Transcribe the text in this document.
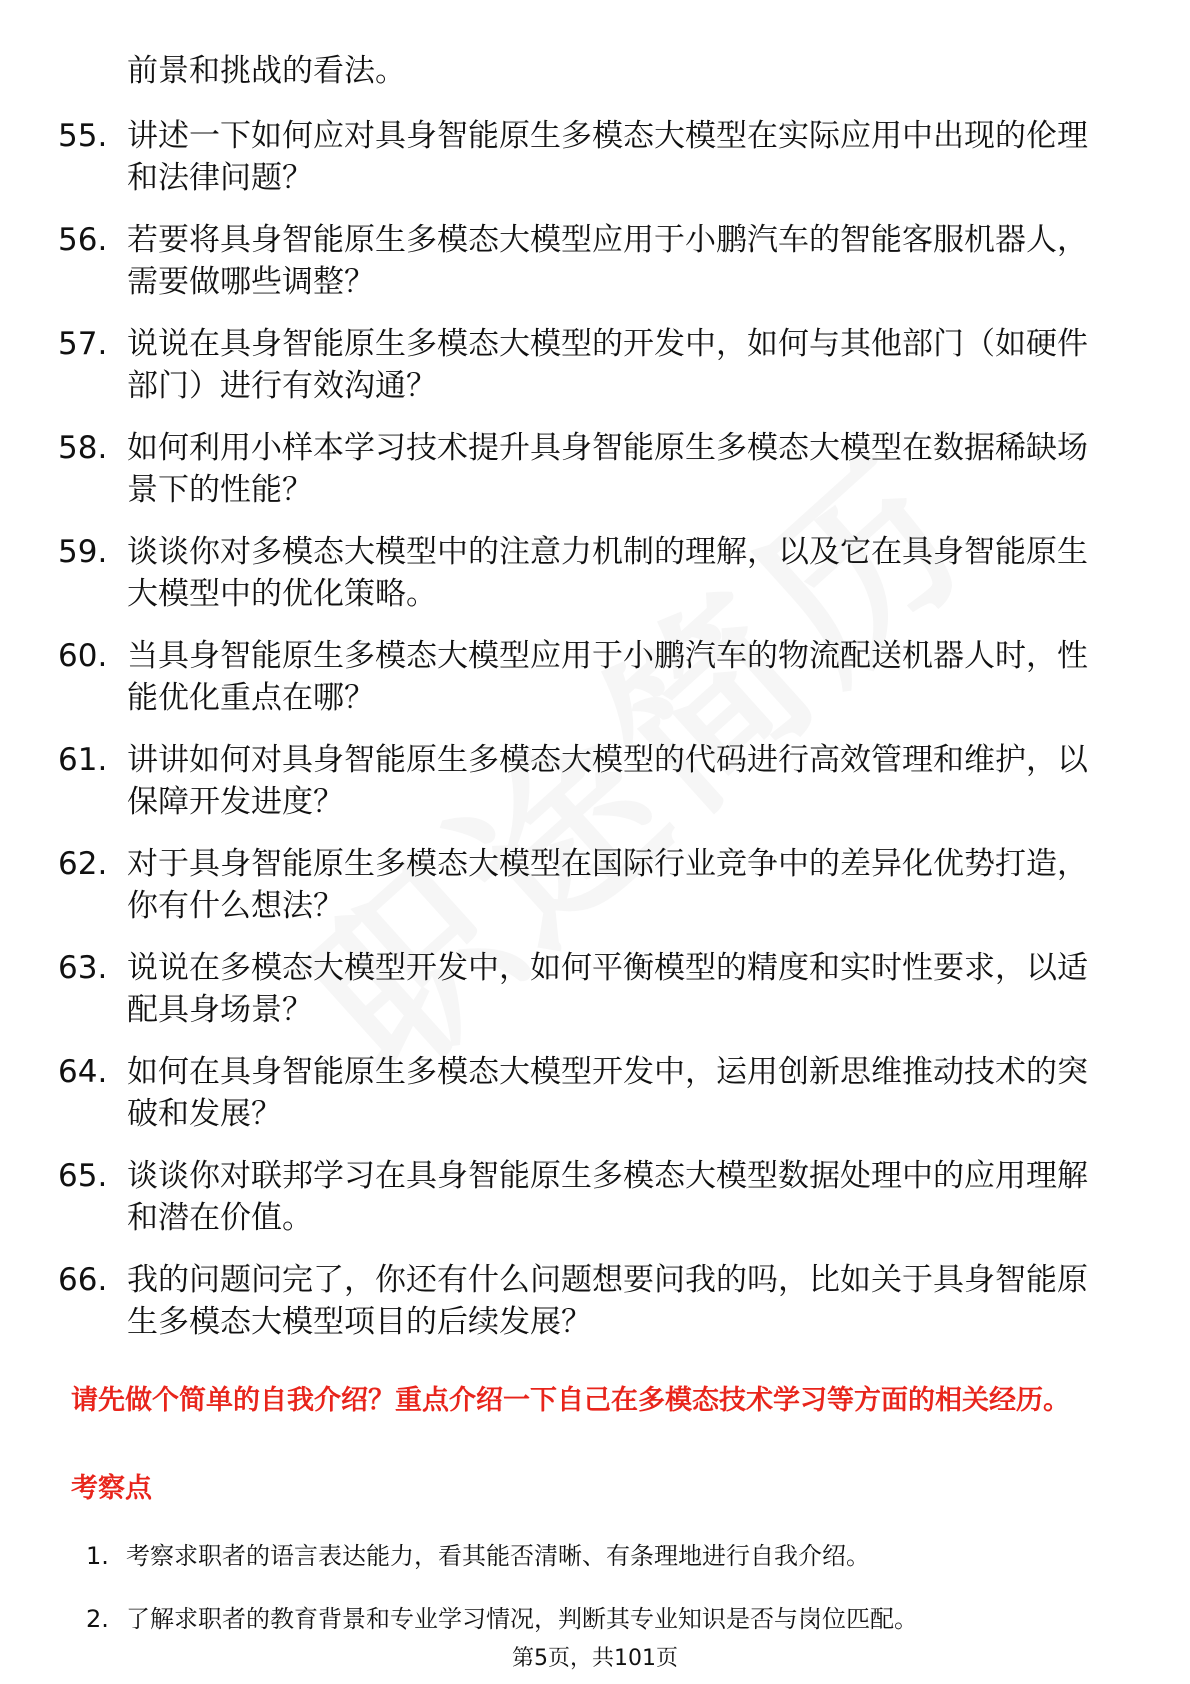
前景和挑战的看法。

55. 讲述一下如何应对具身智能原生多模态大模型在实际应用中出现的伦理和法律问题？
56. 若要将具身智能原生多模态大模型应用于小鹏汽车的智能客服机器人，需要做哪些调整？
57. 说说在具身智能原生多模态大模型的开发中，如何与其他部门（如硬件部门）进行有效沟通？
58. 如何利用小样本学习技术提升具身智能原生多模态大模型在数据稀缺场景下的性能？
59. 谈谈你对多模态大模型中的注意力机制的理解，以及它在具身智能原生大模型中的优化策略。
60. 当具身智能原生多模态大模型应用于小鹏汽车的物流配送机器人时，性能优化重点在哪？
61. 讲讲如何对具身智能原生多模态大模型的代码进行高效管理和维护，以保障开发进度？
62. 对于具身智能原生多模态大模型在国际行业竞争中的差异化优势打造，你有什么想法？
63. 说说在多模态大模型开发中，如何平衡模型的精度和实时性要求，以适配具身场景？
64. 如何在具身智能原生多模态大模型开发中，运用创新思维推动技术的突破和发展？
65. 谈谈你对联邦学习在具身智能原生多模态大模型数据处理中的应用理解和潜在价值。
66. 我的问题问完了，你还有什么问题想要问我的吗，比如关于具身智能原生多模态大模型项目的后续发展？
请先做个简单的自我介绍？重点介绍一下自己在多模态技术学习等方面的相关经历。
考察点
1. 考察求职者的语言表达能力，看其能否清晰、有条理地进行自我介绍。
2. 了解求职者的教育背景和专业学习情况，判断其专业知识是否与岗位匹配。

第5页，共101页
